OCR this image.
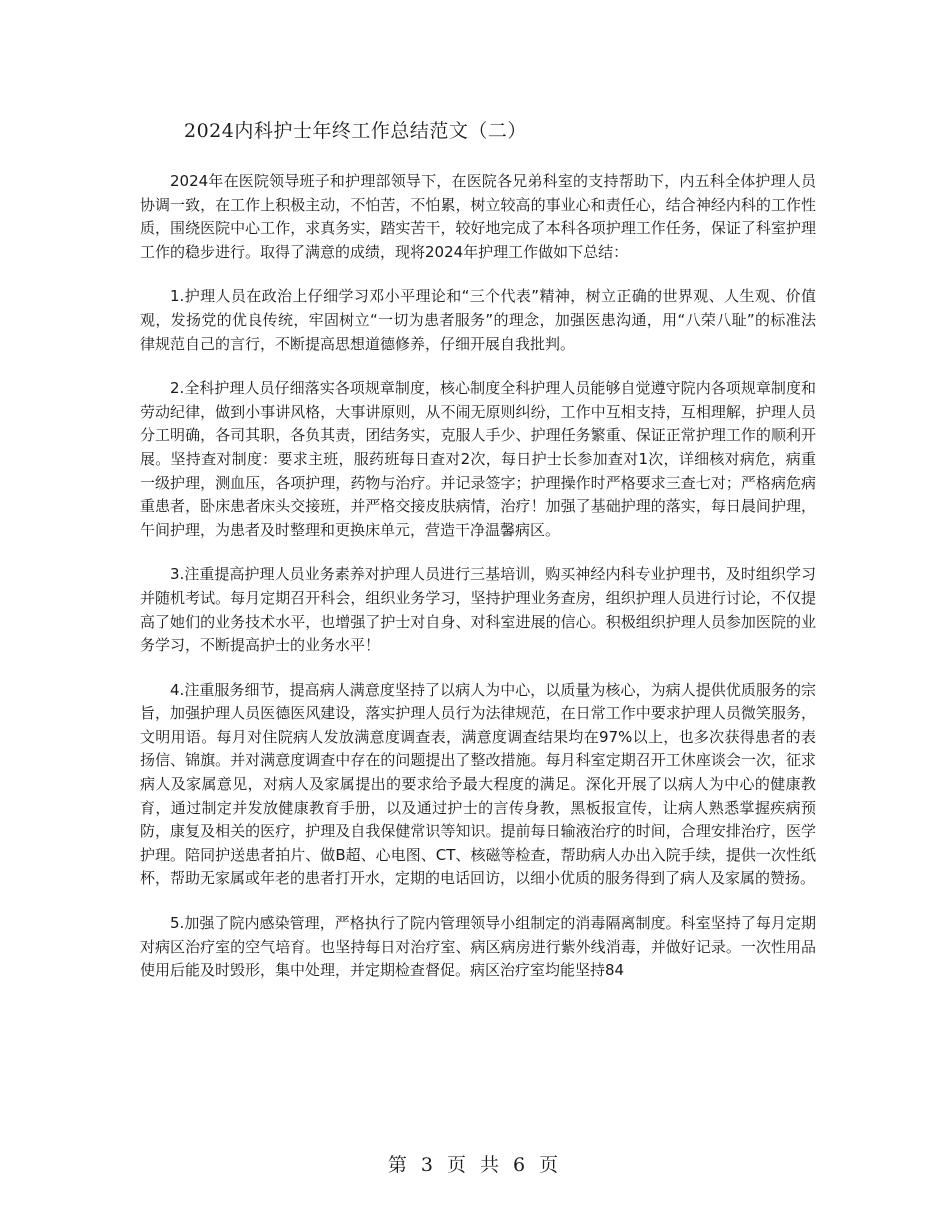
2024内科护士年终工作总结范文（二）

2024年在医院领导班子和护理部领导下，在医院各兄弟科室的支持帮助下，内五科全体护理人员协调一致，在工作上积极主动，不怕苦，不怕累，树立较高的事业心和责任心，结合神经内科的工作性质，围绕医院中心工作，求真务实，踏实苦干，较好地完成了本科各项护理工作任务，保证了科室护理工作的稳步进行。取得了满意的成绩，现将2024年护理工作做如下总结：

1.护理人员在政治上仔细学习邓小平理论和“三个代表”精神，树立正确的世界观、人生观、价值观，发扬党的优良传统，牢固树立“一切为患者服务”的理念，加强医患沟通，用“八荣八耻”的标准法律规范自己的言行，不断提高思想道德修养，仔细开展自我批判。

2.全科护理人员仔细落实各项规章制度，核心制度全科护理人员能够自觉遵守院内各项规章制度和劳动纪律，做到小事讲风格，大事讲原则，从不闹无原则纠纷，工作中互相支持，互相理解，护理人员分工明确，各司其职，各负其责，团结务实，克服人手少、护理任务繁重、保证正常护理工作的顺利开展。坚持查对制度：要求主班，服药班每日查对2次，每日护士长参加查对1次，详细核对病危，病重一级护理，测血压，各项护理，药物与治疗。并记录签字；护理操作时严格要求三查七对；严格病危病重患者，卧床患者床头交接班，并严格交接皮肤病情，治疗！加强了基础护理的落实，每日晨间护理，午间护理，为患者及时整理和更换床单元，营造干净温馨病区。

3.注重提高护理人员业务素养对护理人员进行三基培训，购买神经内科专业护理书，及时组织学习并随机考试。每月定期召开科会，组织业务学习，坚持护理业务查房，组织护理人员进行讨论，不仅提高了她们的业务技术水平，也增强了护士对自身、对科室进展的信心。积极组织护理人员参加医院的业务学习，不断提高护士的业务水平！

4.注重服务细节，提高病人满意度坚持了以病人为中心，以质量为核心，为病人提供优质服务的宗旨，加强护理人员医德医风建设，落实护理人员行为法律规范，在日常工作中要求护理人员微笑服务，文明用语。每月对住院病人发放满意度调查表，满意度调查结果均在97%以上，也多次获得患者的表扬信、锦旗。并对满意度调查中存在的问题提出了整改措施。每月科室定期召开工休座谈会一次，征求病人及家属意见，对病人及家属提出的要求给予最大程度的满足。深化开展了以病人为中心的健康教育，通过制定并发放健康教育手册，以及通过护士的言传身教，黑板报宣传，让病人熟悉掌握疾病预防，康复及相关的医疗，护理及自我保健常识等知识。提前每日输液治疗的时间，合理安排治疗，医学护理。陪同护送患者拍片、做B超、心电图、CT、核磁等检查，帮助病人办出入院手续，提供一次性纸杯，帮助无家属或年老的患者打开水，定期的电话回访，以细小优质的服务得到了病人及家属的赞扬。

5.加强了院内感染管理，严格执行了院内管理领导小组制定的消毒隔离制度。科室坚持了每月定期对病区治疗室的空气培育。也坚持每日对治疗室、病区病房进行紫外线消毒，并做好记录。一次性用品使用后能及时毁形，集中处理，并定期检查督促。病区治疗室均能坚持84

第 3 页 共 6 页
